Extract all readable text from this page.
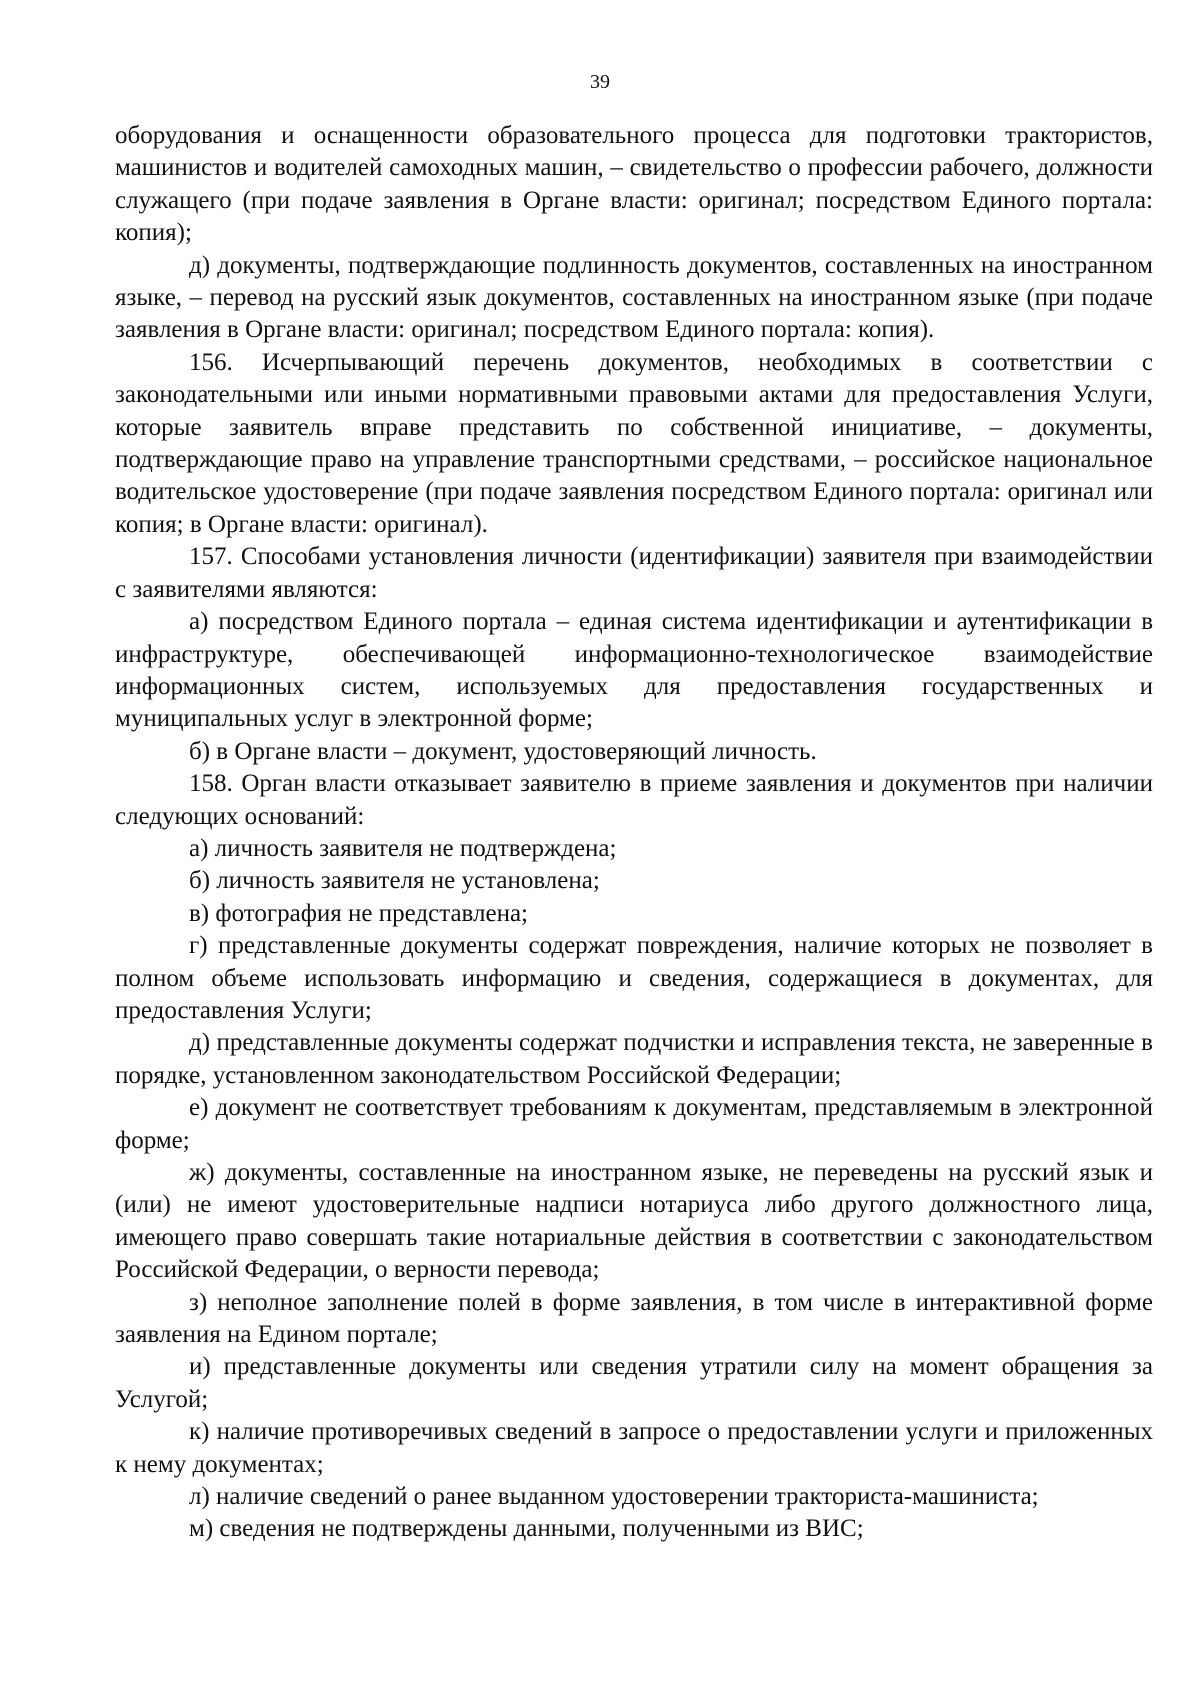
39

оборудования и оснащенности образовательного процесса для подготовки трактористов, машинистов и водителей самоходных машин, – свидетельство о профессии рабочего, должности служащего (при подаче заявления в Органе власти: оригинал; посредством Единого портала: копия);

д) документы, подтверждающие подлинность документов, составленных на иностранном языке, – перевод на русский язык документов, составленных на иностранном языке (при подаче заявления в Органе власти: оригинал; посредством Единого портала: копия).

156. Исчерпывающий перечень документов, необходимых в соответствии с законодательными или иными нормативными правовыми актами для предоставления Услуги, которые заявитель вправе представить по собственной инициативе, – документы, подтверждающие право на управление транспортными средствами, – российское национальное водительское удостоверение (при подаче заявления посредством Единого портала: оригинал или копия; в Органе власти: оригинал).

157. Способами установления личности (идентификации) заявителя при взаимодействии с заявителями являются:

а) посредством Единого портала – единая система идентификации и аутентификации в инфраструктуре, обеспечивающей информационно-технологическое взаимодействие информационных систем, используемых для предоставления государственных и муниципальных услуг в электронной форме;

б) в Органе власти – документ, удостоверяющий личность.

158. Орган власти отказывает заявителю в приеме заявления и документов при наличии следующих оснований:

а) личность заявителя не подтверждена;

б) личность заявителя не установлена;

в) фотография не представлена;

г) представленные документы содержат повреждения, наличие которых не позволяет в полном объеме использовать информацию и сведения, содержащиеся в документах, для предоставления Услуги;

д) представленные документы содержат подчистки и исправления текста, не заверенные в порядке, установленном законодательством Российской Федерации;

е) документ не соответствует требованиям к документам, представляемым в электронной форме;

ж) документы, составленные на иностранном языке, не переведены на русский язык и (или) не имеют удостоверительные надписи нотариуса либо другого должностного лица, имеющего право совершать такие нотариальные действия в соответствии с законодательством Российской Федерации, о верности перевода;

з) неполное заполнение полей в форме заявления, в том числе в интерактивной форме заявления на Едином портале;

и) представленные документы или сведения утратили силу на момент обращения за Услугой;

к) наличие противоречивых сведений в запросе о предоставлении услуги и приложенных к нему документах;

л) наличие сведений о ранее выданном удостоверении тракториста-машиниста;

м) сведения не подтверждены данными, полученными из ВИС;
